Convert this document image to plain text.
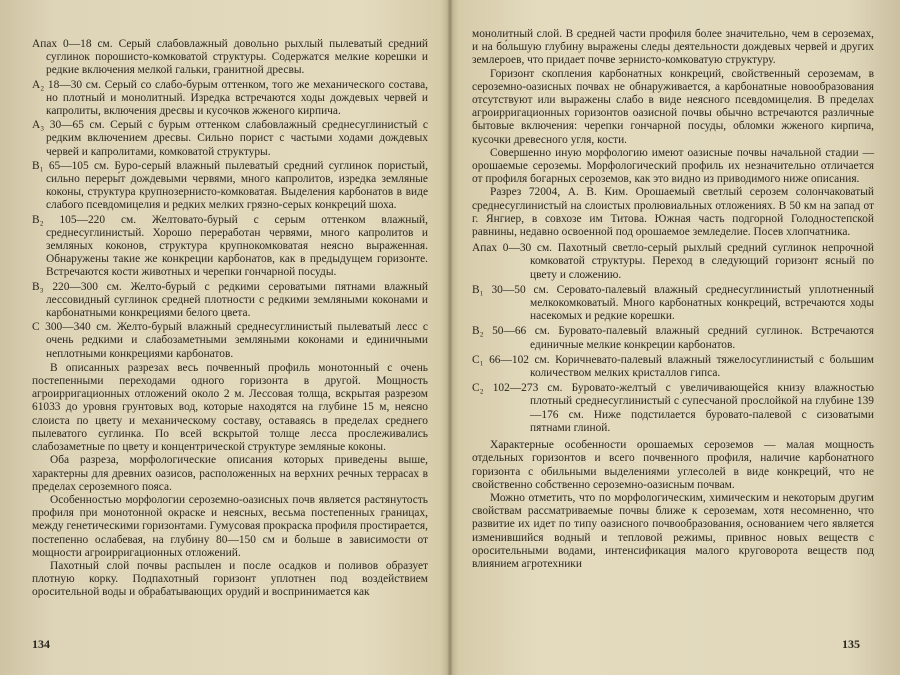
Aпах 0—18 см. Серый слабовлажный довольно рыхлый пылеватый средний суглинок порошисто-комковатой структуры. Содержатся мелкие корешки и редкие включения мелкой гальки, гранитной дресвы.

A₂ 18—30 см. Серый со слабо-бурым оттенком, того же механического состава, но плотный и монолитный. Изредка встречаются ходы дождевых червей и капролиты, включения дресвы и кусочков жженого кирпича.

A₃ 30—65 см. Серый с бурым оттенком слабовлажный среднесуглинистый с редким включением дресвы. Сильно порист с частыми ходами дождевых червей и капролитами, комковатой структуры.

B₁ 65—105 см. Буро-серый влажный пылеватый средний суглинок пористый, сильно переры́т дождевыми червями, много капролитов, изредка земляные коконы, структура крупнозернисто-комковатая. Выделения карбонатов в виде слабого псевдомицелия и редких мелких грязно-серых конкреций шоха.

B₂ 105—220 см. Желтовато-бурый с серым оттенком влажный, среднесуглинистый. Хорошо переработан червями, много капролитов и земляных коконов, структура крупнокомковатая неясно выраженная. Обнаружены такие же конкреции карбонатов, как в предыдущем горизонте. Встречаются кости животных и черепки гончарной посуды.

B₃ 220—300 см. Желто-бурый с редкими сероватыми пятнами влажный лессовидный суглинок средней плотности с редкими земляными коконами и карбонатными конкрециями белого цвета.

C 300—340 см. Желто-бурый влажный среднесуглинистый пылеватый лесс с очень редкими и слабозаметными земляными коконами и единичными неплотными конкрециями карбонатов.

В описанных разрезах весь почвенный профиль монотонный с очень постепенными переходами одного горизонта в другой. Мощность агроирригационных отложений около 2 м. Лессовая толща, вскрытая разрезом 61033 до уровня грунтовых вод, которые находятся на глубине 15 м, неясно слоиста по цвету и механическому составу, оставаясь в пределах среднего пылеватого суглинка. По всей вскрытой толще лесса прослеживались слабозаметные по цвету и концентрической структуре земляные коконы.

Оба разреза, морфологические описания которых приведены выше, характерны для древних оазисов, расположенных на верхних речных террасах в пределах сероземного пояса.

Особенностью морфологии сероземно-оазисных почв является растянутость профиля при монотонной окраске и неясных, весьма постепенных границах, между генетическими горизонтами. Гумусовая прокраска профиля простирается, постепенно ослабевая, на глубину 80—150 см и больше в зависимости от мощности агроирригационных отложений.

Пахотный слой почвы распылен и после осадков и поливов образует плотную корку. Подпахотный горизонт уплотнен под воздействием оросительной воды и обрабатывающих орудий и воспринимается как

134

монолитный слой. В средней части профиля более значительно, чем в сероземах, и на бо́льшую глубину выражены следы деятельности дождевых червей и других землероев, что придает почве зернисто-комковатую структуру.

Горизонт скопления карбонатных конкреций, свойственный сероземам, в сероземно-оазисных почвах не обнаруживается, а карбонатные новообразования отсутствуют или выражены слабо в виде неясного псевдомицелия. В пределах агроирригационных горизонтов оазисной почвы обычно встречаются различные бытовые включения: черепки гончарной посуды, обломки жженого кирпича, кусочки древесного угля, кости.

Совершенно иную морфологию имеют оазисные почвы начальной стадии — орошаемые сероземы. Морфологический профиль их незначительно отличается от профиля богарных сероземов, как это видно из приводимого ниже описания.

Разрез 72004, А. В. Ким. Орошаемый светлый серозем солончаковатый среднесуглинистый на слоистых пролювиальных отложениях. В 50 км на запад от г. Янгиер, в совхозе им Титова. Южная часть подгорной Голодностепской равнины, недавно освоенной под орошаемое земледелие. Посев хлопчатника.

Aпах 0—30 см. Пахотный светло-серый рыхлый средний суглинок непрочной комковатой структуры. Переход в следующий горизонт ясный по цвету и сложению.

B₁ 30—50 см. Серовато-палевый влажный среднесуглинистый уплотненный мелкокомковатый. Много карбонатных конкреций, встречаются ходы насекомых и редкие корешки.

B₂ 50—66 см. Буровато-палевый влажный средний суглинок. Встречаются единичные мелкие конкреции карбонатов.

C₁ 66—102 см. Коричневато-палевый влажный тяжелосуглинистый с большим количеством мелких кристаллов гипса.

C₂ 102—273 см. Буровато-желтый с увеличивающейся книзу влажностью плотный среднесуглинистый с супесчаной прослойкой на глубине 139—176 см. Ниже подстилается буровато-палевой с сизоватыми пятнами глиной.

Характерные особенности орошаемых сероземов — малая мощность отдельных горизонтов и всего почвенного профиля, наличие карбонатного горизонта с обильными выделениями углесолей в виде конкреций, что не свойственно собственно сероземно-оазисным почвам.

Можно отметить, что по морфологическим, химическим и некоторым другим свойствам рассматриваемые почвы ближе к сероземам, хотя несомненно, что развитие их идет по типу оазисного почвообразования, основанием чего является изменившийся водный и тепловой режимы, привнос новых веществ с оросительными водами, интенсификация малого круговорота веществ под влиянием агротехники

135
